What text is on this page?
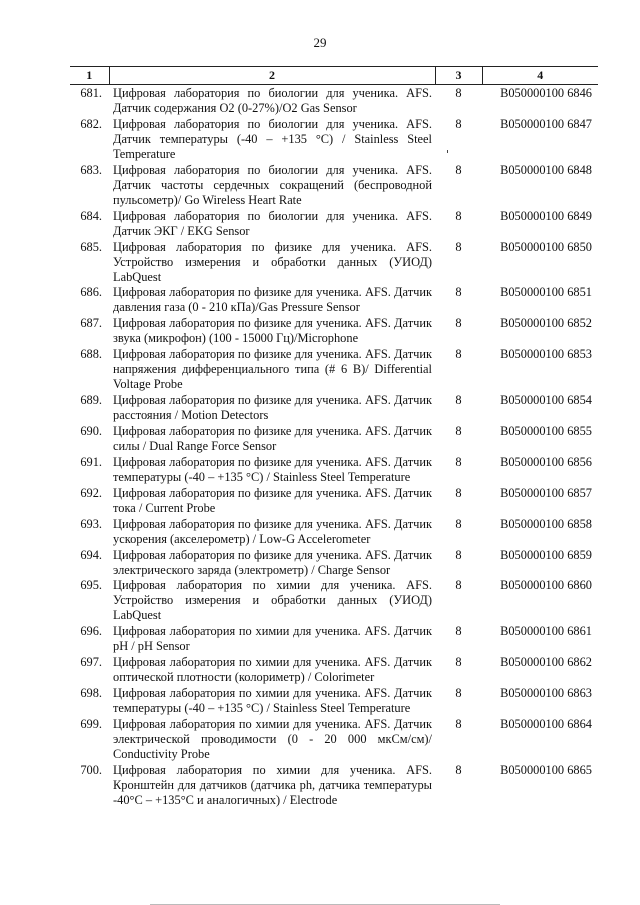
29
1	2	3	4
681.	Цифровая лаборатория по биологии для ученика. AFS. Датчик содержания O2 (0-27%)/O2 Gas Sensor	8	B050000100 6846
682.	Цифровая лаборатория по биологии для ученика. AFS. Датчик температуры (-40 – +135 °C) / Stainless Steel Temperature	8	B050000100 6847
683.	Цифровая лаборатория по биологии для ученика. AFS. Датчик частоты сердечных сокращений (беспроводной пульсометр)/ Go Wireless Heart Rate	8	B050000100 6848
684.	Цифровая лаборатория по биологии для ученика. AFS. Датчик ЭКГ / EKG Sensor	8	B050000100 6849
685.	Цифровая лаборатория по физике для ученика. AFS. Устройство измерения и обработки данных (УИОД) LabQuest	8	B050000100 6850
686.	Цифровая лаборатория по физике для ученика. AFS. Датчик давления газа (0 - 210 кПа)/Gas Pressure Sensor	8	B050000100 6851
687.	Цифровая лаборатория по физике для ученика. AFS. Датчик звука (микрофон) (100 - 15000 Гц)/Microphone	8	B050000100 6852
688.	Цифровая лаборатория по физике для ученика. AFS. Датчик напряжения дифференциального типа (# 6 В)/ Differential Voltage Probe	8	B050000100 6853
689.	Цифровая лаборатория по физике для ученика. AFS. Датчик расстояния / Motion Detectors	8	B050000100 6854
690.	Цифровая лаборатория по физике для ученика. AFS. Датчик силы / Dual Range Force Sensor	8	B050000100 6855
691.	Цифровая лаборатория по физике для ученика. AFS. Датчик температуры (-40 – +135 °C) / Stainless Steel Temperature	8	B050000100 6856
692.	Цифровая лаборатория по физике для ученика. AFS. Датчик тока / Current Probe	8	B050000100 6857
693.	Цифровая лаборатория по физике для ученика. AFS. Датчик ускорения (акселерометр) / Low-G Accelerometer	8	B050000100 6858
694.	Цифровая лаборатория по физике для ученика. AFS. Датчик электрического заряда (электрометр) / Charge Sensor	8	B050000100 6859
695.	Цифровая лаборатория по химии для ученика. AFS. Устройство измерения и обработки данных (УИОД) LabQuest	8	B050000100 6860
696.	Цифровая лаборатория по химии для ученика. AFS. Датчик pH / pH Sensor	8	B050000100 6861
697.	Цифровая лаборатория по химии для ученика. AFS. Датчик оптической плотности (колориметр) / Colorimeter	8	B050000100 6862
698.	Цифровая лаборатория по химии для ученика. AFS. Датчик температуры (-40 – +135 °C) / Stainless Steel Temperature	8	B050000100 6863
699.	Цифровая лаборатория по химии для ученика. AFS. Датчик электрической проводимости (0 - 20 000 мкСм/см)/ Conductivity Probe	8	B050000100 6864
700.	Цифровая лаборатория по химии для ученика. AFS. Кронштейн для датчиков (датчика ph, датчика температуры -40°C – +135°C и аналогичных) / Electrode	8	B050000100 6865
